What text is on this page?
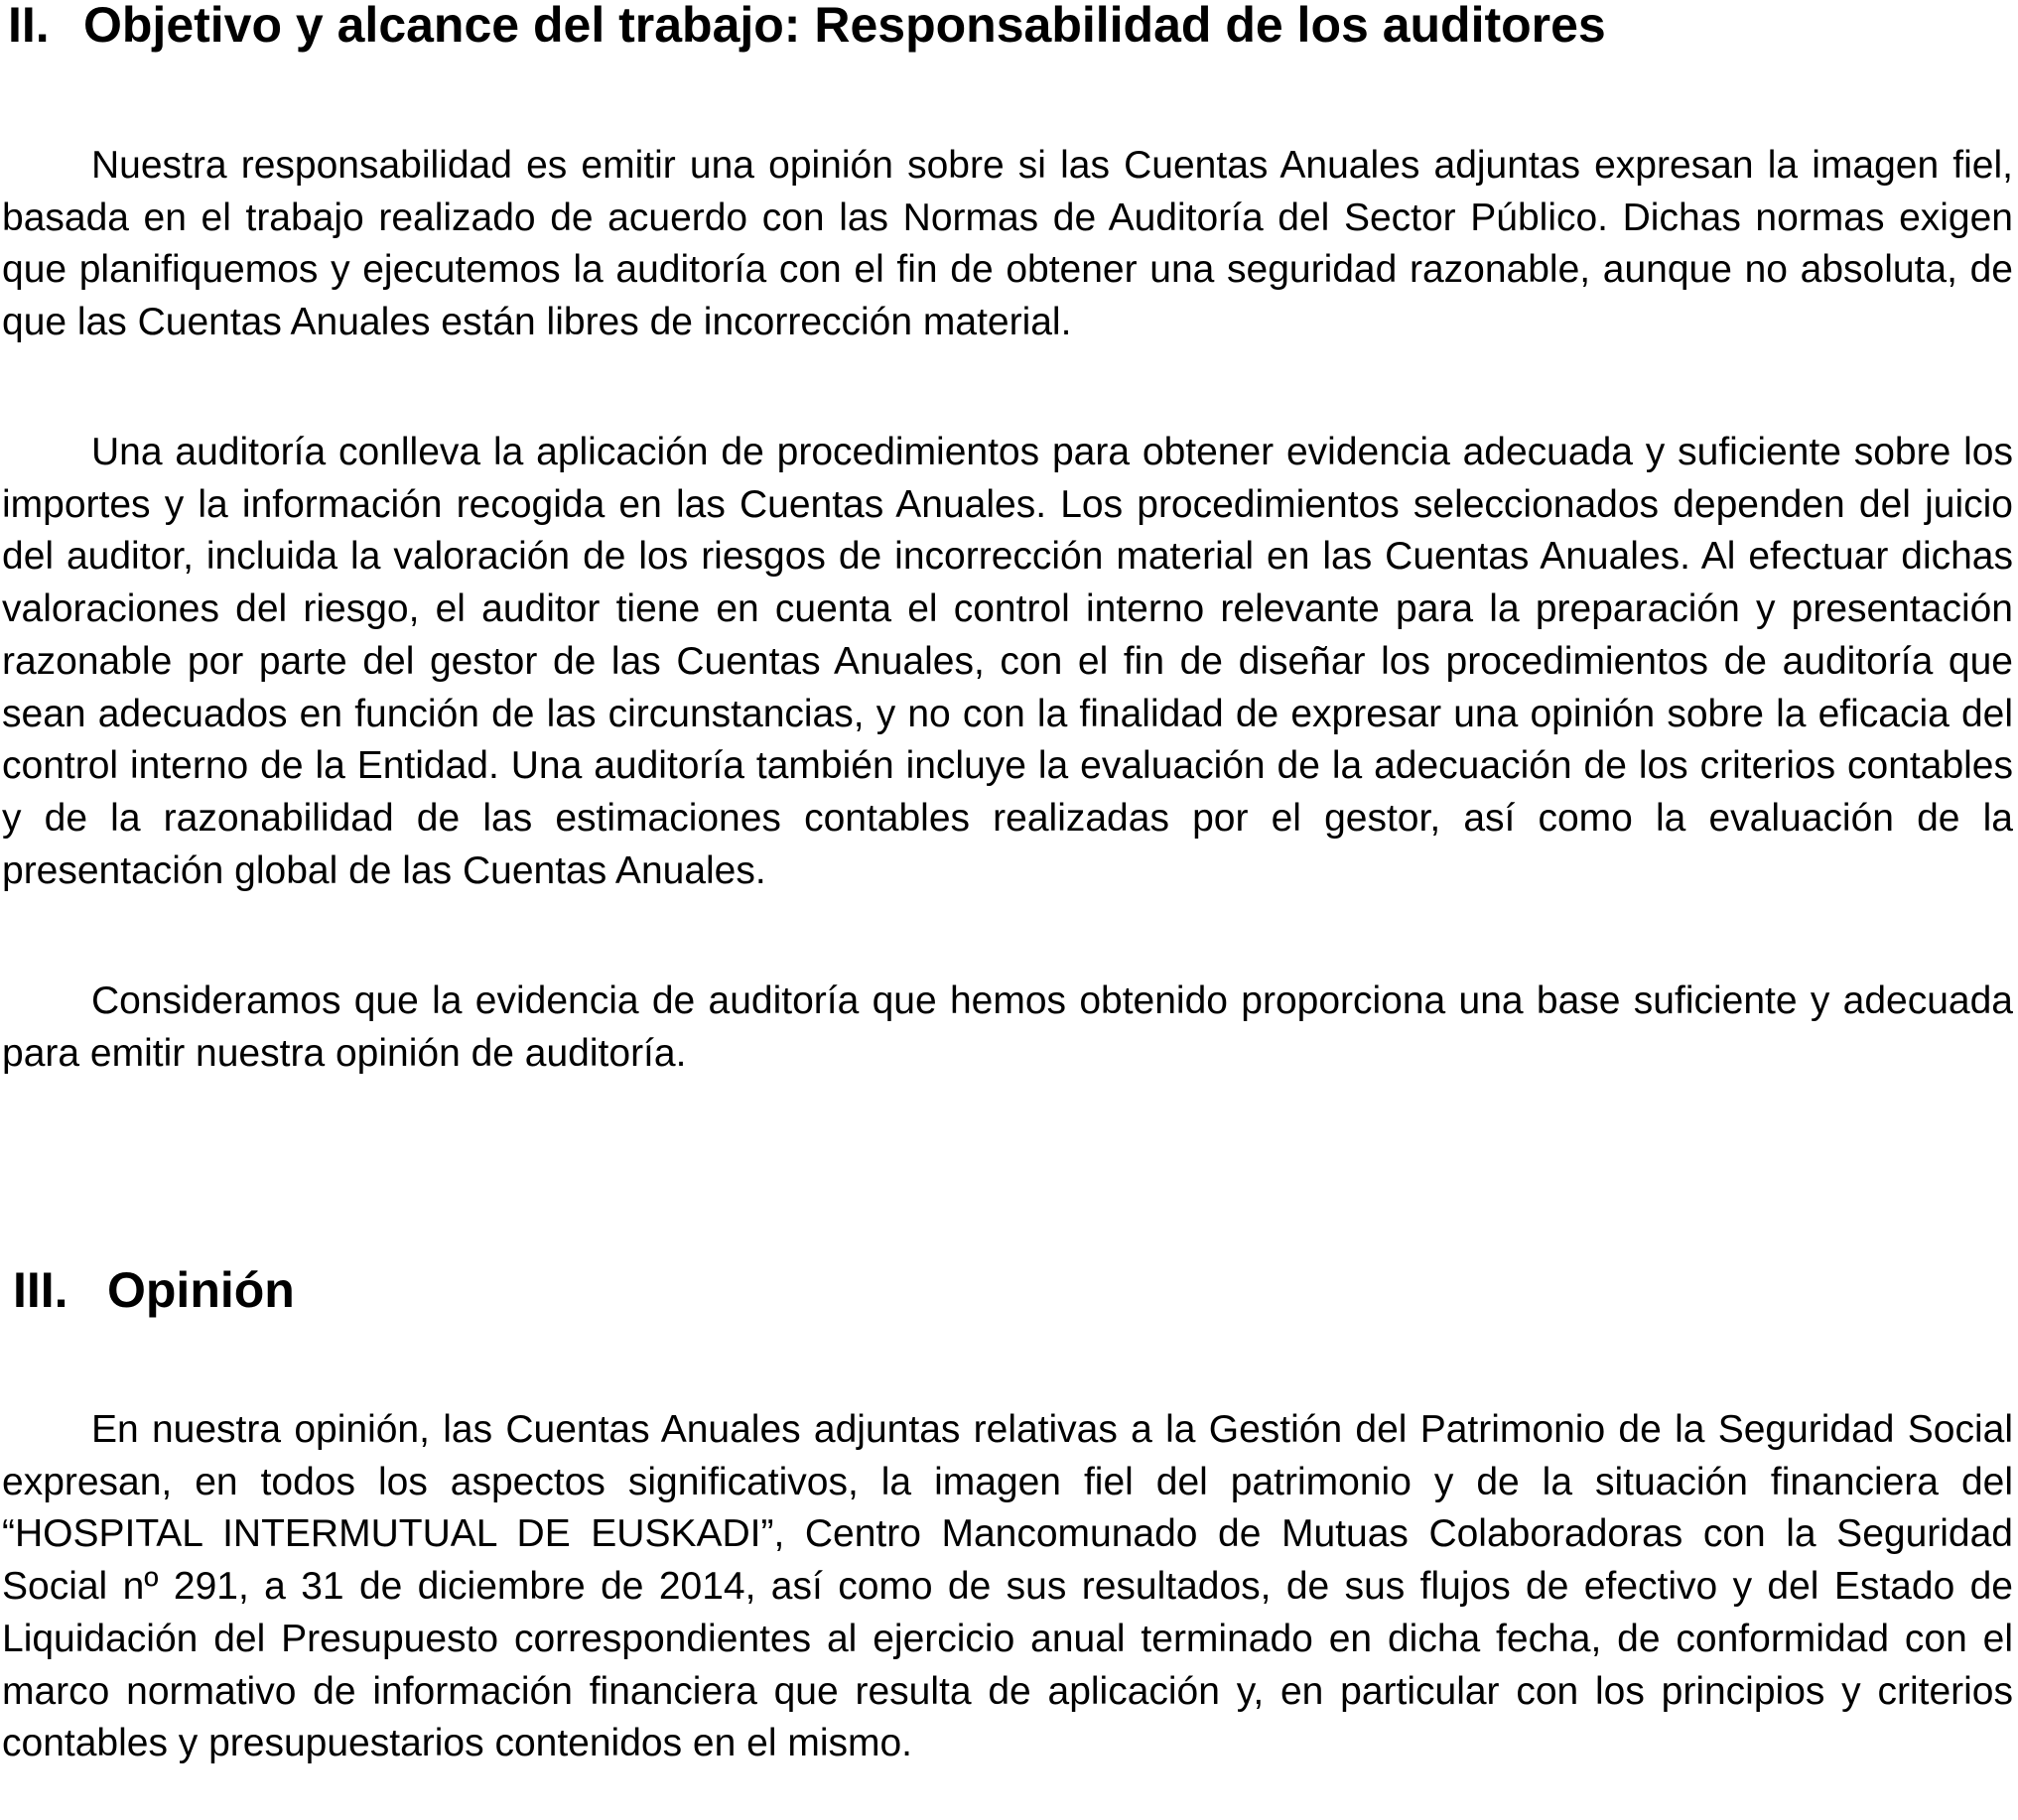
II. Objetivo y alcance del trabajo: Responsabilidad de los auditores

Nuestra responsabilidad es emitir una opinión sobre si las Cuentas Anuales adjuntas expresan la imagen fiel, basada en el trabajo realizado de acuerdo con las Normas de Auditoría del Sector Público. Dichas normas exigen que planifiquemos y ejecutemos la auditoría con el fin de obtener una seguridad razonable, aunque no absoluta, de que las Cuentas Anuales están libres de incorrección material.

Una auditoría conlleva la aplicación de procedimientos para obtener evidencia adecuada y suficiente sobre los importes y la información recogida en las Cuentas Anuales. Los procedimientos seleccionados dependen del juicio del auditor, incluida la valoración de los riesgos de incorrección material en las Cuentas Anuales. Al efectuar dichas valoraciones del riesgo, el auditor tiene en cuenta el control interno relevante para la preparación y presentación razonable por parte del gestor de las Cuentas Anuales, con el fin de diseñar los procedimientos de auditoría que sean adecuados en función de las circunstancias, y no con la finalidad de expresar una opinión sobre la eficacia del control interno de la Entidad. Una auditoría también incluye la evaluación de la adecuación de los criterios contables y de la razonabilidad de las estimaciones contables realizadas por el gestor, así como la evaluación de la presentación global de las Cuentas Anuales.

Consideramos que la evidencia de auditoría que hemos obtenido proporciona una base suficiente y adecuada para emitir nuestra opinión de auditoría.

III. Opinión

En nuestra opinión, las Cuentas Anuales adjuntas relativas a la Gestión del Patrimonio de la Seguridad Social expresan, en todos los aspectos significativos, la imagen fiel del patrimonio y de la situación financiera del “HOSPITAL INTERMUTUAL DE EUSKADI”, Centro Mancomunado de Mutuas Colaboradoras con la Seguridad Social nº 291, a 31 de diciembre de 2014, así como de sus resultados, de sus flujos de efectivo y del Estado de Liquidación del Presupuesto correspondientes al ejercicio anual terminado en dicha fecha, de conformidad con el marco normativo de información financiera que resulta de aplicación y, en particular con los principios y criterios contables y presupuestarios contenidos en el mismo.
